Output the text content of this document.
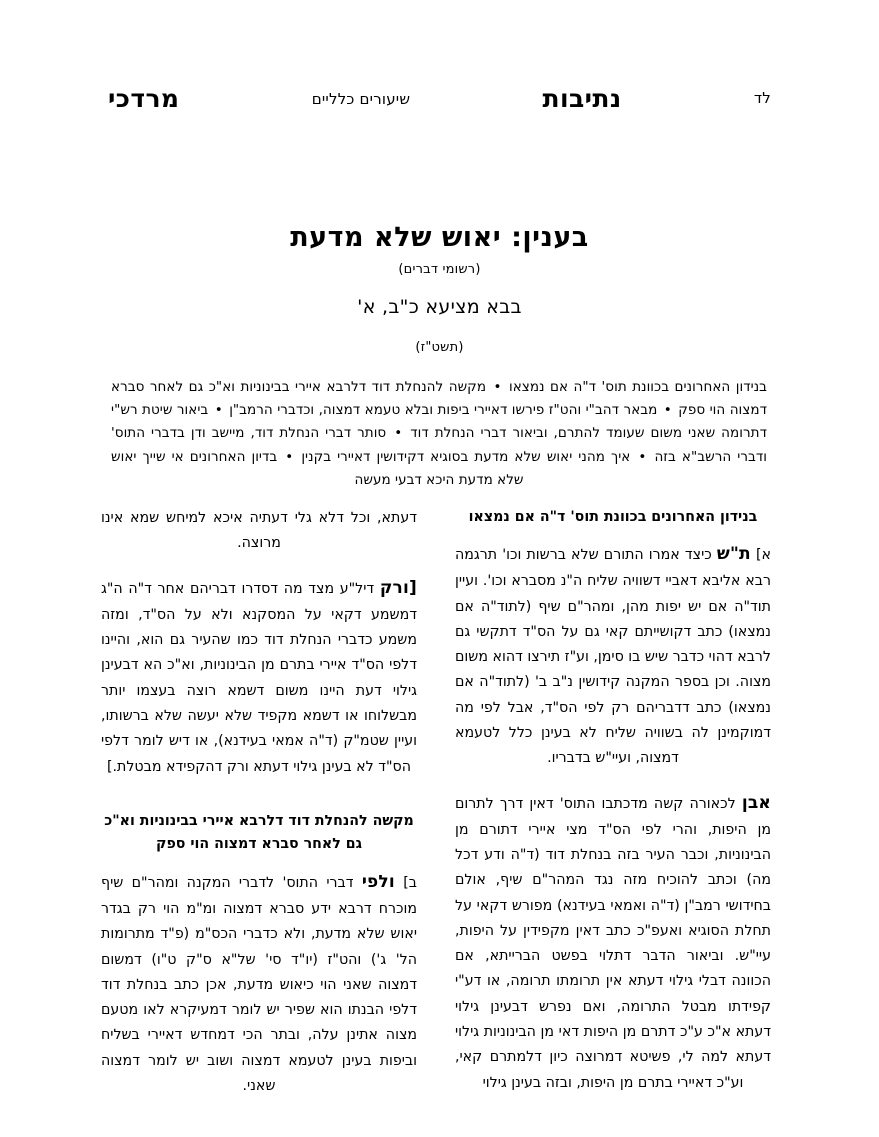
לד
נתיבות
שיעורים כלליים
מרדכי
בענין: יאוש שלא מדעת
(רשומי דברים)
בבא מציעא כ"ב, א'
(תשט"ז)
בנידון האחרונים בכוונת תוס' ד"ה אם נמצאו • מקשה להנחלת דוד דלרבא איירי בבינוניות וא"כ גם לאחר סברא דמצוה הוי ספק • מבאר דהב"י והט"ז פירשו דאיירי ביפות ובלא טעמא דמצוה, וכדברי הרמב"ן • ביאור שיטת רש"י דתרומה שאני משום שעומד להתרם, וביאור דברי הנחלת דוד • סותר דברי הנחלת דוד, מיישב ודן בדברי התוס' ודברי הרשב"א בזה • איך מהני יאוש שלא מדעת בסוגיא דקידושין דאיירי בקנין • בדיון האחרונים אי שייך יאוש שלא מדעת היכא דבעי מעשה
בנידון האחרונים בכוונת תוס' ד"ה אם נמצאו

א] ת"ש כיצד אמרו התורם שלא ברשות וכו' תרגמה רבא אליבא דאביי דשוויה שליח ה"נ מסברא וכו'. ועיין תוד"ה אם יש יפות מהן, ומהר"ם שיף (לתוד"ה אם נמצאו) כתב דקושייתם קאי גם על הס"ד דתקשי גם לרבא דהוי כדבר שיש בו סימן, וע"ז תירצו דהוא משום מצוה. וכן בספר המקנה קידושין נ"ב ב' (לתוד"ה אם נמצאו) כתב דדבריהם רק לפי הס"ד, אבל לפי מה דמוקמינן לה בשוויה שליח לא בעינן כלל לטעמא דמצוה, ועיי"ש בדבריו.

אבן לכאורה קשה מדכתבו התוס' דאין דרך לתרום מן היפות, והרי לפי הס"ד מצי איירי דתורם מן הבינוניות, וכבר העיר בזה בנחלת דוד (ד"ה ודע דכל מה) וכתב להוכיח מזה נגד המהר"ם שיף, אולם בחידושי רמב"ן (ד"ה ואמאי בעידנא) מפורש דקאי על תחלת הסוגיא ואעפ"כ כתב דאין מקפידין על היפות, עיי"ש. וביאור הדבר דתלוי בפשט הברייתא, אם הכוונה דבלי גילוי דעתא אין תרומתו תרומה, או דע"י קפידתו מבטל התרומה, ואם נפרש דבעינן גילוי דעתא א"כ ע"כ דתרם מן היפות דאי מן הבינוניות גילוי דעתא למה לי, פשיטא דמרוצה כיון דלמתרם קאי, וע"כ דאיירי בתרם מן היפות, ובזה בעינן גילוי

דעתא, וכל דלא גלי דעתיה איכא למיחש שמא אינו מרוצה.

[ורק דיל"ע מצד מה דסדרו דבריהם אחר ד"ה ה"ג דמשמע דקאי על המסקנא ולא על הס"ד, ומזה משמע כדברי הנחלת דוד כמו שהעיר גם הוא, והיינו דלפי הס"ד איירי בתרם מן הבינוניות, וא"כ הא דבעינן גילוי דעת היינו משום דשמא רוצה בעצמו יותר מבשלוחו או דשמא מקפיד שלא יעשה שלא ברשותו, ועיין שטמ"ק (ד"ה אמאי בעידנא), או דיש לומר דלפי הס"ד לא בעינן גילוי דעתא ורק דהקפידא מבטלת.]

מקשה להנחלת דוד דלרבא איירי בבינוניות וא"כ גם לאחר סברא דמצוה הוי ספק

ב] ולפי דברי התוס' לדברי המקנה ומהר"ם שיף מוכרח דרבא ידע סברא דמצוה ומ"מ הוי רק בגדר יאוש שלא מדעת, ולא כדברי הכס"מ (פ"ד מתרומות הל' ג') והט"ז (יו"ד סי' של"א ס"ק ט"ו) דמשום דמצוה שאני הוי כיאוש מדעת, אכן כתב בנחלת דוד דלפי הבנתו הוא שפיר יש לומר דמעיקרא לאו מטעם מצוה אתינן עלה, ובתר הכי דמחדש דאיירי בשליח וביפות בעינן לטעמא דמצוה ושוב יש לומר דמצוה שאני.
